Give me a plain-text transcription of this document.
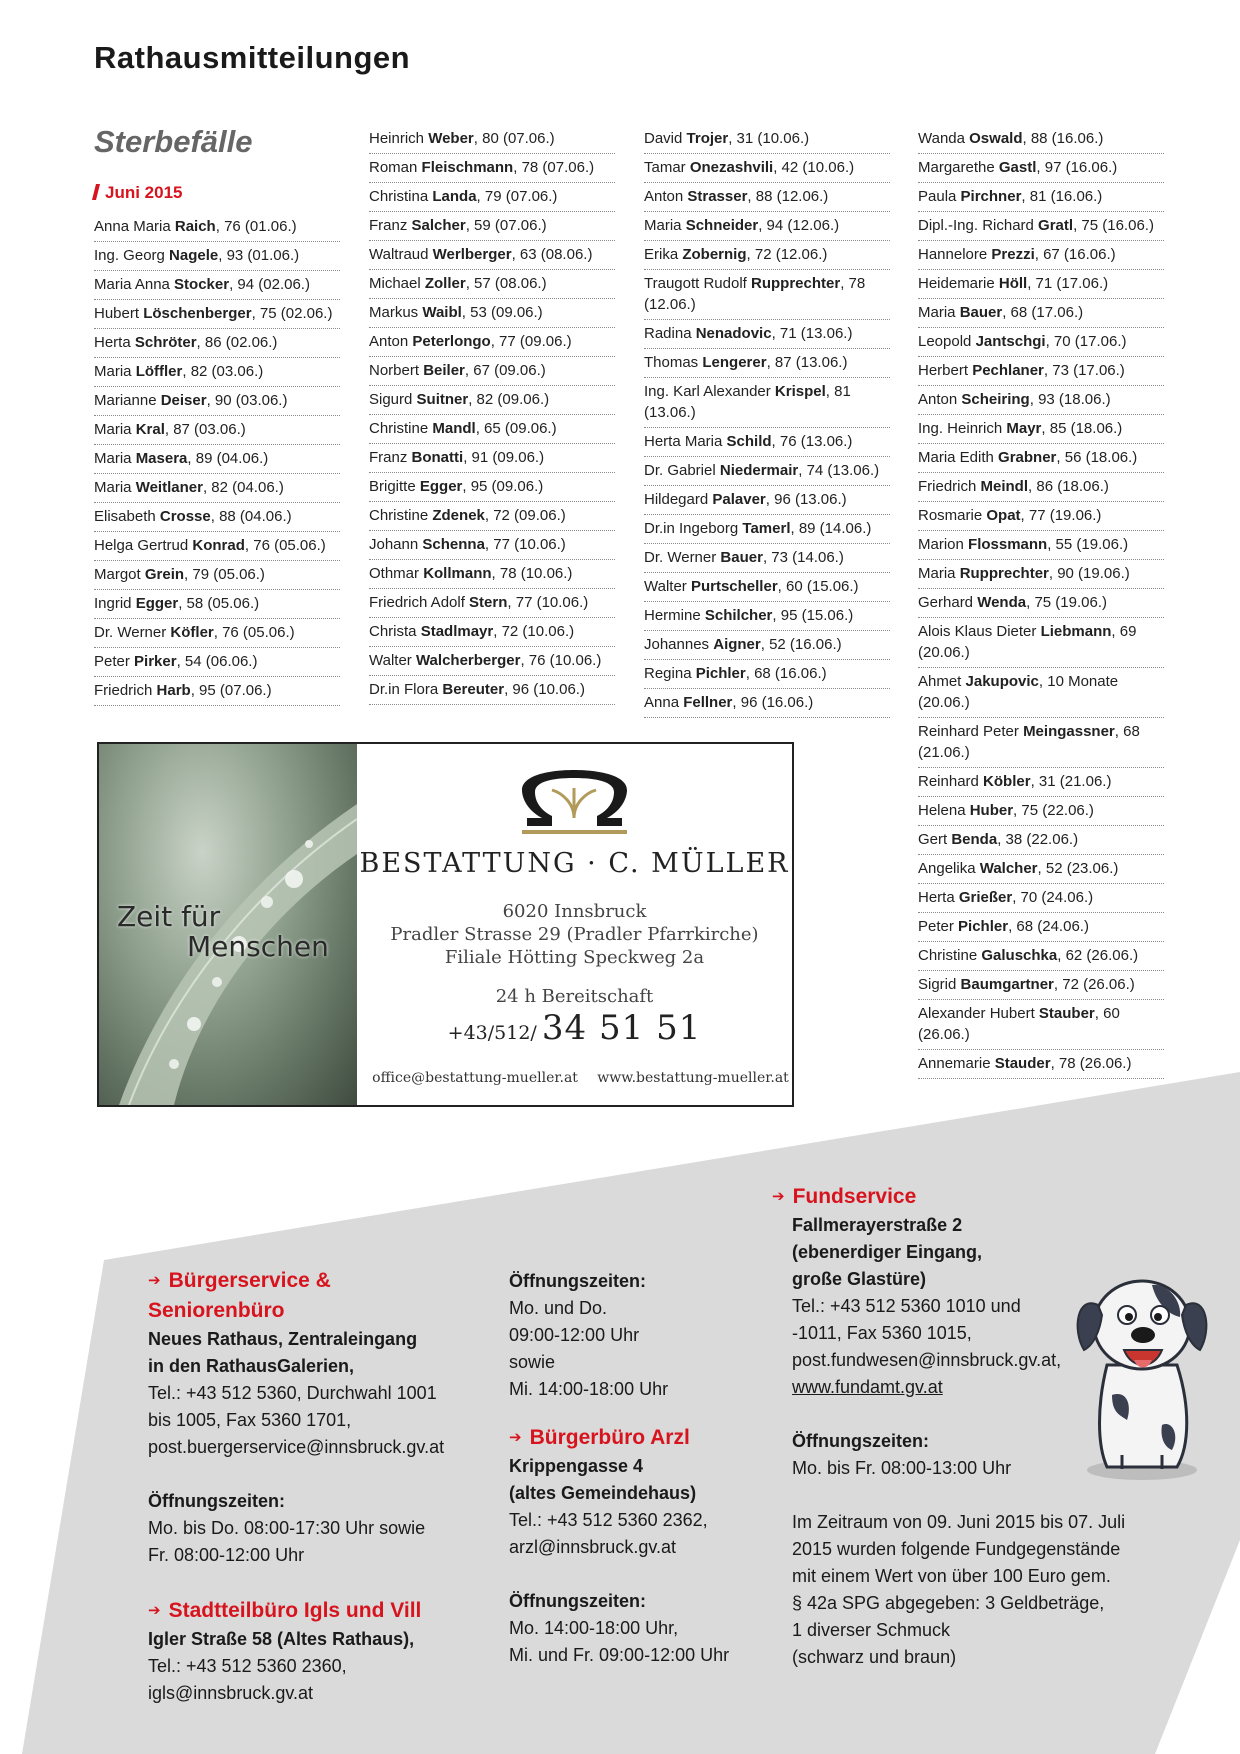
Rathausmitteilungen
Sterbefälle
Juni 2015
Anna Maria Raich, 76 (01.06.)
Ing. Georg Nagele, 93 (01.06.)
Maria Anna Stocker, 94 (02.06.)
Hubert Löschenberger, 75 (02.06.)
Herta Schröter, 86 (02.06.)
Maria Löffler, 82 (03.06.)
Marianne Deiser, 90 (03.06.)
Maria Kral, 87 (03.06.)
Maria Masera, 89 (04.06.)
Maria Weitlaner, 82 (04.06.)
Elisabeth Crosse, 88 (04.06.)
Helga Gertrud Konrad, 76 (05.06.)
Margot Grein, 79 (05.06.)
Ingrid Egger, 58 (05.06.)
Dr. Werner Köfler, 76 (05.06.)
Peter Pirker, 54 (06.06.)
Friedrich Harb, 95 (07.06.)
Heinrich Weber, 80 (07.06.)
Roman Fleischmann, 78 (07.06.)
Christina Landa, 79 (07.06.)
Franz Salcher, 59 (07.06.)
Waltraud Werlberger, 63 (08.06.)
Michael Zoller, 57 (08.06.)
Markus Waibl, 53 (09.06.)
Anton Peterlongo, 77 (09.06.)
Norbert Beiler, 67 (09.06.)
Sigurd Suitner, 82 (09.06.)
Christine Mandl, 65 (09.06.)
Franz Bonatti, 91 (09.06.)
Brigitte Egger, 95 (09.06.)
Christine Zdenek, 72 (09.06.)
Johann Schenna, 77 (10.06.)
Othmar Kollmann, 78 (10.06.)
Friedrich Adolf Stern, 77 (10.06.)
Christa Stadlmayr, 72 (10.06.)
Walter Walcherberger, 76 (10.06.)
Dr.in Flora Bereuter, 96 (10.06.)
David Trojer, 31 (10.06.)
Tamar Onezashvili, 42 (10.06.)
Anton Strasser, 88 (12.06.)
Maria Schneider, 94 (12.06.)
Erika Zobernig, 72 (12.06.)
Traugott Rudolf Rupprechter, 78 (12.06.)
Radina Nenadovic, 71 (13.06.)
Thomas Lengerer, 87 (13.06.)
Ing. Karl Alexander Krispel, 81 (13.06.)
Herta Maria Schild, 76 (13.06.)
Dr. Gabriel Niedermair, 74 (13.06.)
Hildegard Palaver, 96 (13.06.)
Dr.in Ingeborg Tamerl, 89 (14.06.)
Dr. Werner Bauer, 73 (14.06.)
Walter Purtscheller, 60 (15.06.)
Hermine Schilcher, 95 (15.06.)
Johannes Aigner, 52 (16.06.)
Regina Pichler, 68 (16.06.)
Anna Fellner, 96 (16.06.)
Wanda Oswald, 88 (16.06.)
Margarethe Gastl, 97 (16.06.)
Paula Pirchner, 81 (16.06.)
Dipl.-Ing. Richard Gratl, 75 (16.06.)
Hannelore Prezzi, 67 (16.06.)
Heidemarie Höll, 71 (17.06.)
Maria Bauer, 68 (17.06.)
Leopold Jantschgi, 70 (17.06.)
Herbert Pechlaner, 73 (17.06.)
Anton Scheiring, 93 (18.06.)
Ing. Heinrich Mayr, 85 (18.06.)
Maria Edith Grabner, 56 (18.06.)
Friedrich Meindl, 86 (18.06.)
Rosmarie Opat, 77 (19.06.)
Marion Flossmann, 55 (19.06.)
Maria Rupprechter, 90 (19.06.)
Gerhard Wenda, 75 (19.06.)
Alois Klaus Dieter Liebmann, 69 (20.06.)
Ahmet Jakupovic, 10 Monate (20.06.)
Reinhard Peter Meingassner, 68 (21.06.)
Reinhard Köbler, 31 (21.06.)
Helena Huber, 75 (22.06.)
Gert Benda, 38 (22.06.)
Angelika Walcher, 52 (23.06.)
Herta Grießer, 70 (24.06.)
Peter Pichler, 68 (24.06.)
Christine Galuschka, 62 (26.06.)
Sigrid Baumgartner, 72 (26.06.)
Alexander Hubert Stauber, 60 (26.06.)
Annemarie Stauder, 78 (26.06.)
Zeit für
Menschen
BESTATTUNG · C. MÜLLER
6020 Innsbruck
Pradler Strasse 29 (Pradler Pfarrkirche)
Filiale Hötting Speckweg 2a
24 h Bereitschaft
+43/512/ 34 51 51
office@bestattung-mueller.at www.bestattung-mueller.at
➔ Bürgerservice & Seniorenbüro
Neues Rathaus, Zentraleingang
in den RathausGalerien,
Tel.: +43 512 5360, Durchwahl 1001
bis 1005, Fax 5360 1701,
post.buergerservice@innsbruck.gv.at
Öffnungszeiten:
Mo. bis Do. 08:00-17:30 Uhr sowie
Fr. 08:00-12:00 Uhr
➔ Stadtteilbüro Igls und Vill
Igler Straße 58 (Altes Rathaus),
Tel.: +43 512 5360 2360,
igls@innsbruck.gv.at
Öffnungszeiten:
Mo. und Do.
09:00-12:00 Uhr
sowie
Mi. 14:00-18:00 Uhr
➔ Bürgerbüro Arzl
Krippengasse 4
(altes Gemeindehaus)
Tel.: +43 512 5360 2362,
arzl@innsbruck.gv.at
Öffnungszeiten:
Mo. 14:00-18:00 Uhr,
Mi. und Fr. 09:00-12:00 Uhr
➔ Fundservice
Fallmerayerstraße 2
(ebenerdiger Eingang,
große Glastüre)
Tel.: +43 512 5360 1010 und
-1011, Fax 5360 1015,
post.fundwesen@innsbruck.gv.at,
www.fundamt.gv.at
Öffnungszeiten:
Mo. bis Fr. 08:00-13:00 Uhr
Im Zeitraum von 09. Juni 2015 bis 07. Juli
2015 wurden folgende Fundgegenstände
mit einem Wert von über 100 Euro gem.
§ 42a SPG abgegeben: 3 Geldbeträge,
1 diverser Schmuck
(schwarz und braun)
